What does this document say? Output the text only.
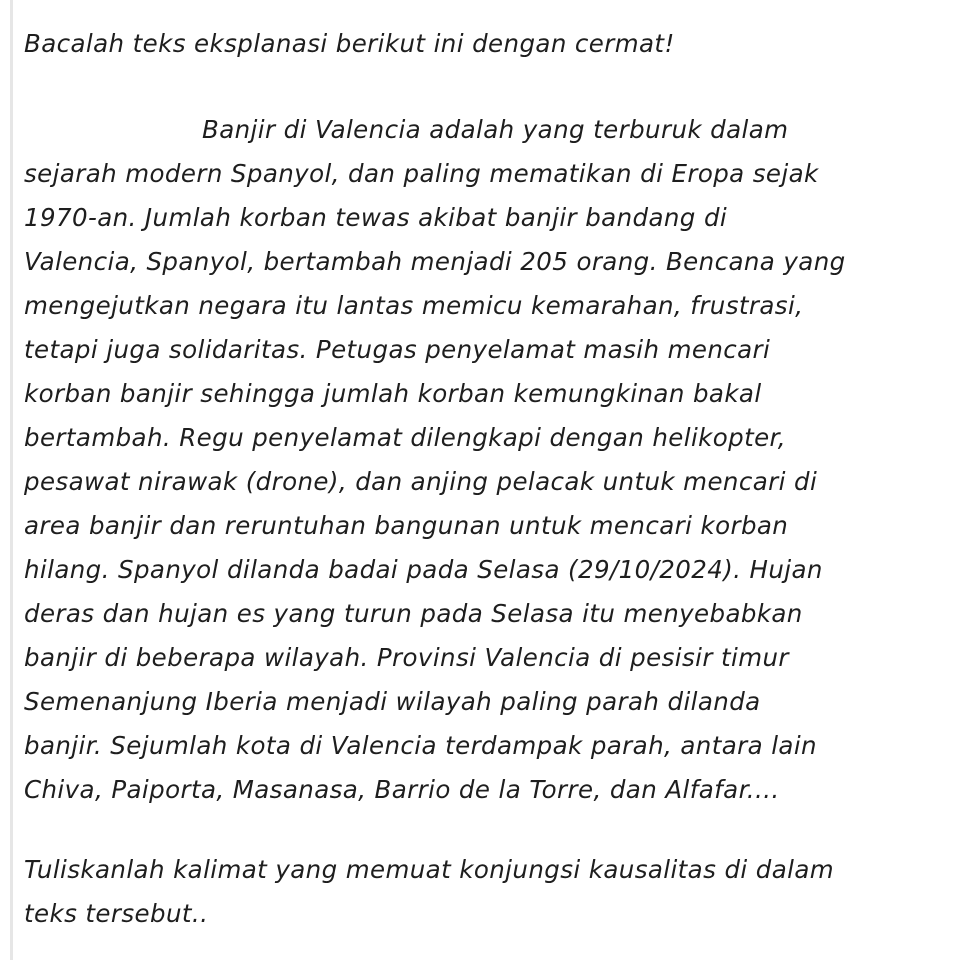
Bacalah teks eksplanasi berikut ini dengan cermat!
Banjir di Valencia adalah yang terburuk dalam
sejarah modern Spanyol, dan paling mematikan di Eropa sejak
1970-an. Jumlah korban tewas akibat banjir bandang di
Valencia, Spanyol, bertambah menjadi 205 orang. Bencana yang
mengejutkan negara itu lantas memicu kemarahan, frustrasi,
tetapi juga solidaritas. Petugas penyelamat masih mencari
korban banjir sehingga jumlah korban kemungkinan bakal
bertambah. Regu penyelamat dilengkapi dengan helikopter,
pesawat nirawak (drone), dan anjing pelacak untuk mencari di
area banjir dan reruntuhan bangunan untuk mencari korban
hilang. Spanyol dilanda badai pada Selasa (29/10/2024). Hujan
deras dan hujan es yang turun pada Selasa itu menyebabkan
banjir di beberapa wilayah. Provinsi Valencia di pesisir timur
Semenanjung Iberia menjadi wilayah paling parah dilanda
banjir. Sejumlah kota di Valencia terdampak parah, antara lain
Chiva, Paiporta, Masanasa, Barrio de la Torre, dan Alfafar....
Tuliskanlah kalimat yang memuat konjungsi kausalitas di dalam
teks tersebut..
